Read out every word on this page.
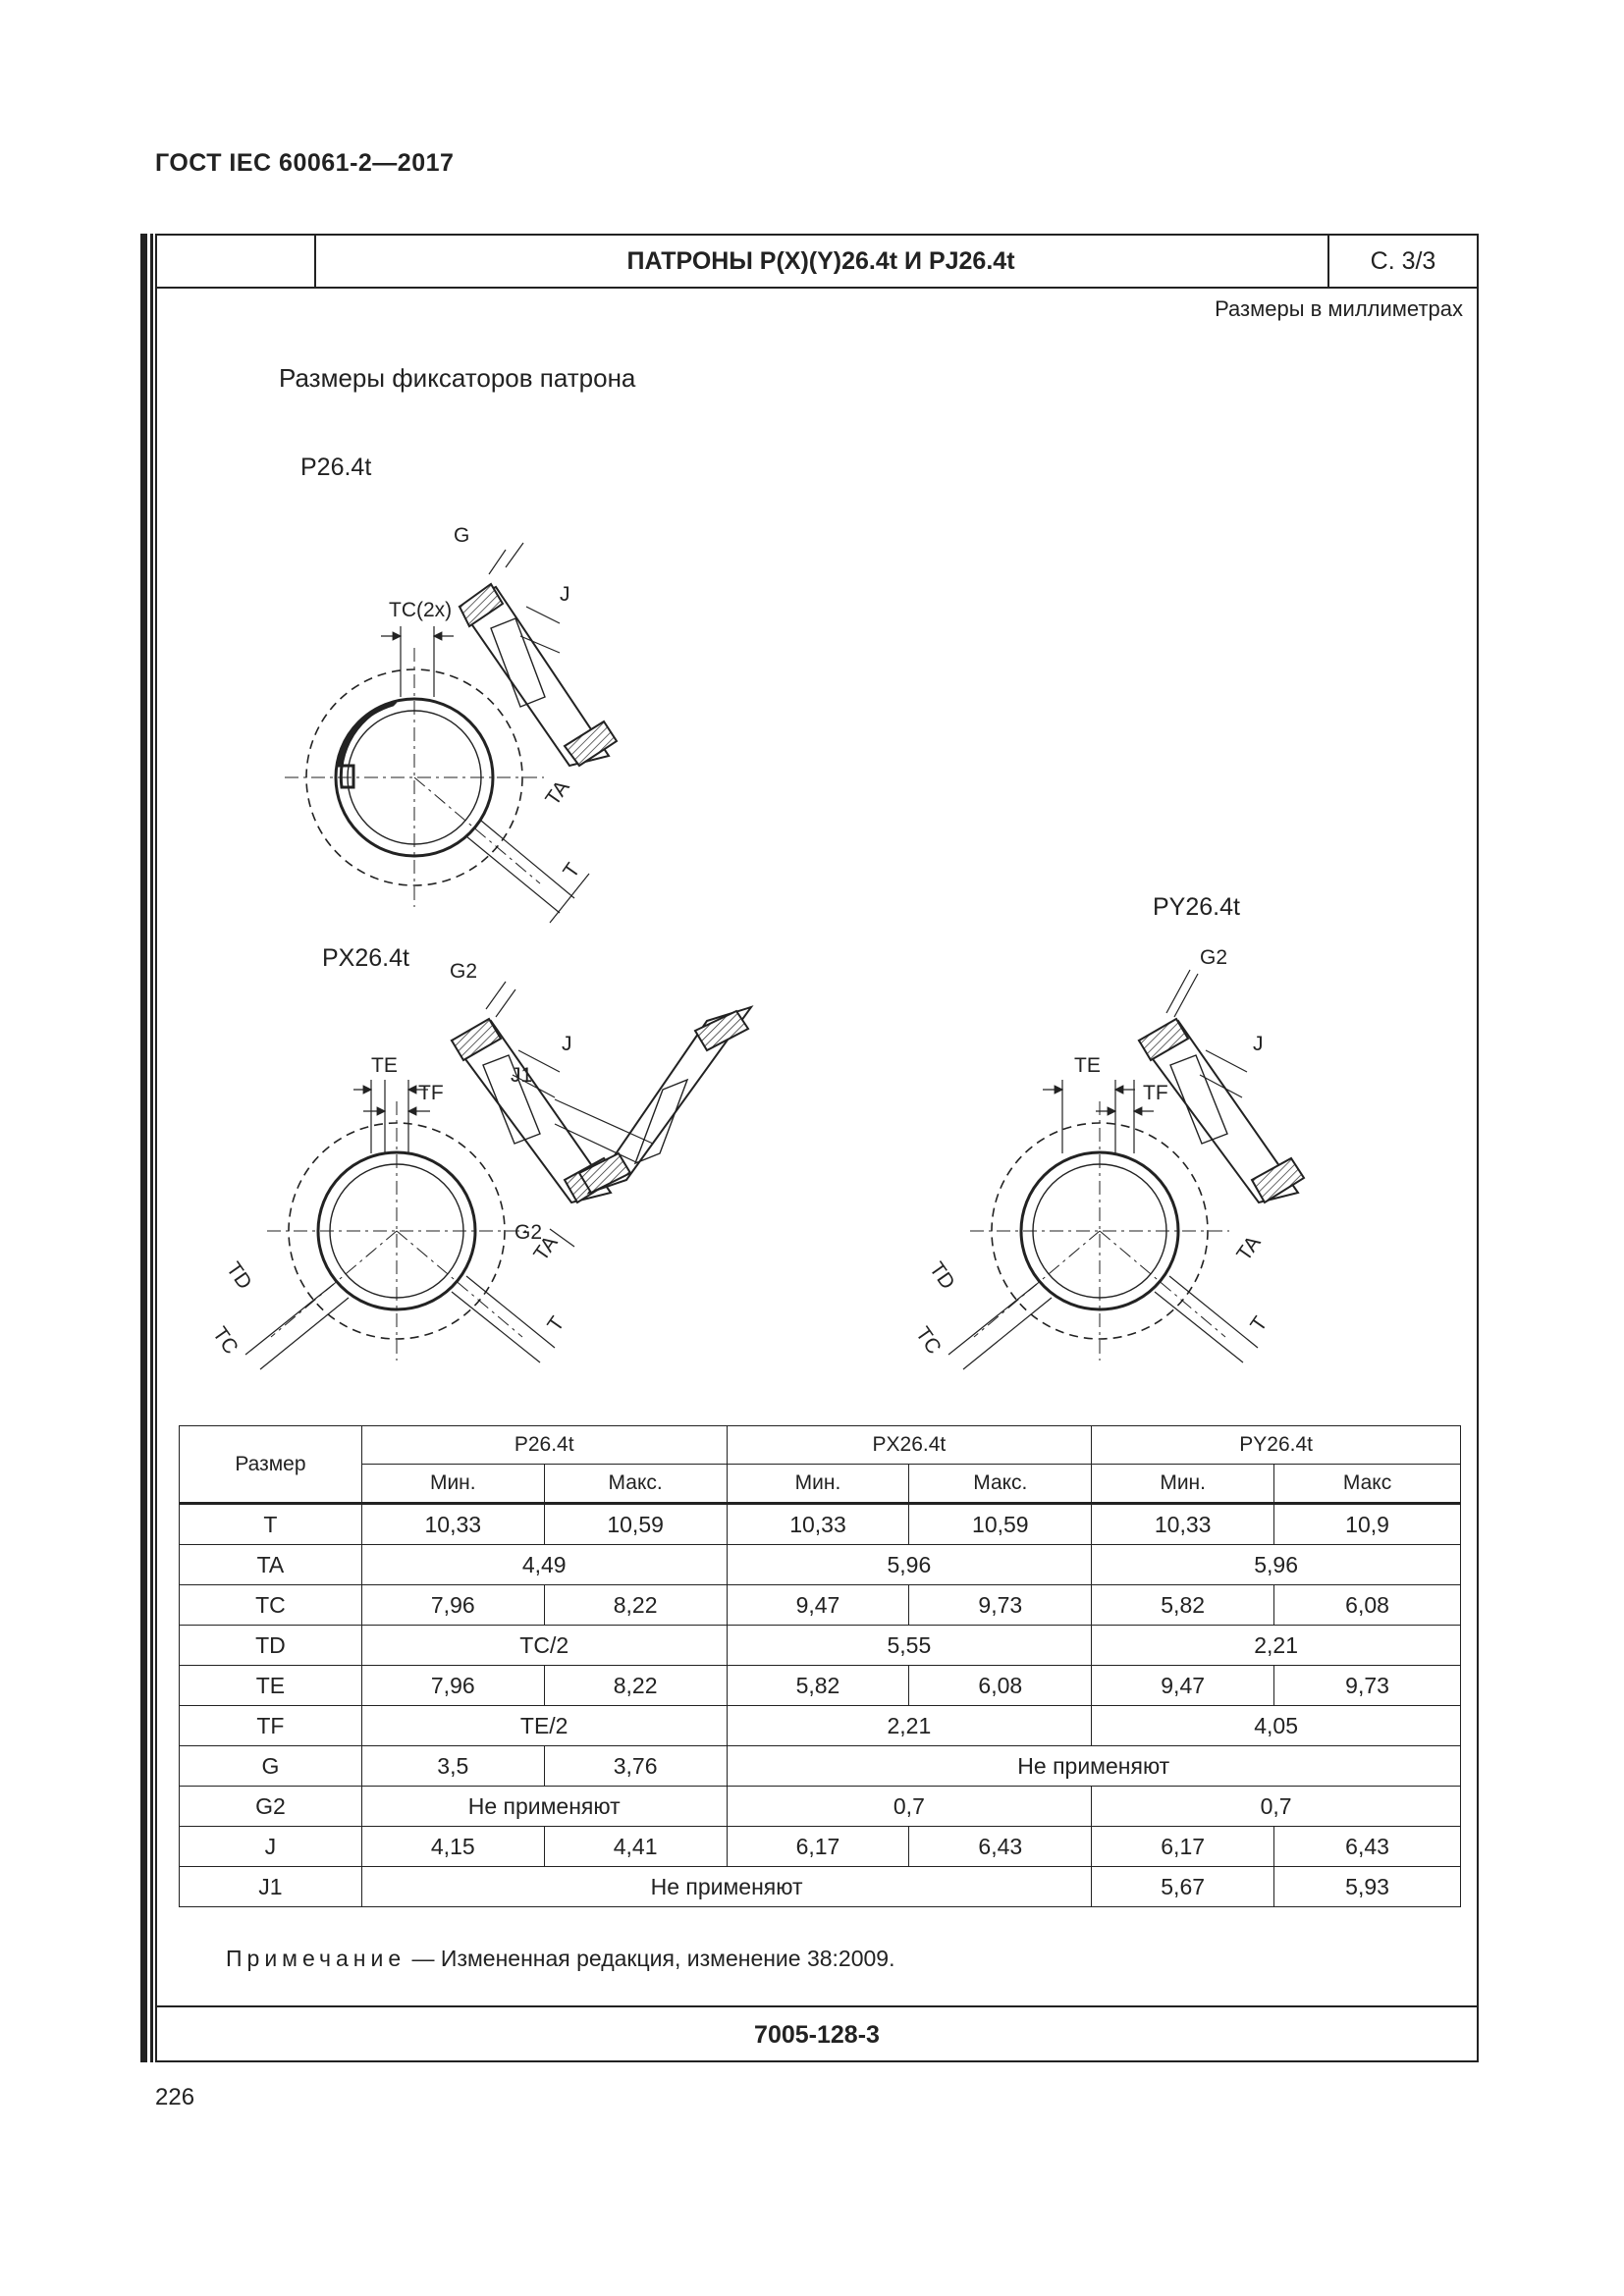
ГОСТ IEC 60061-2—2017
ПАТРОНЫ P(X)(Y)26.4t И PJ26.4t	С. 3/3
Размеры в миллиметрах
Размеры фиксаторов патрона
P26.4t
PX26.4t
PY26.4t
TC(2x)
TA
T
G
J
TE
TF
TD
TC
TA
T
G2
J
J1
G2
TE
TF
TD
TC
TA
T
G2
J
Размер	P26.4t		PX26.4t		PY26.4t	
	Мин.	Макс.	Мин.	Макс.	Мин.	Макс
T	10,33	10,59	10,33	10,59	10,33	10,9
TA	4,49		5,96		5,96	
TC	7,96	8,22	9,47	9,73	5,82	6,08
TD	TC/2		5,55		2,21	
TE	7,96	8,22	5,82	6,08	9,47	9,73
TF	TE/2		2,21		4,05	
G	3,5	3,76	Не применяют			
G2	Не применяют		0,7		0,7	
J	4,15	4,41	6,17	6,43	6,17	6,43
J1	Не применяют				5,67	5,93
Примечание — Измененная редакция, изменение 38:2009.
7005-128-3
226
